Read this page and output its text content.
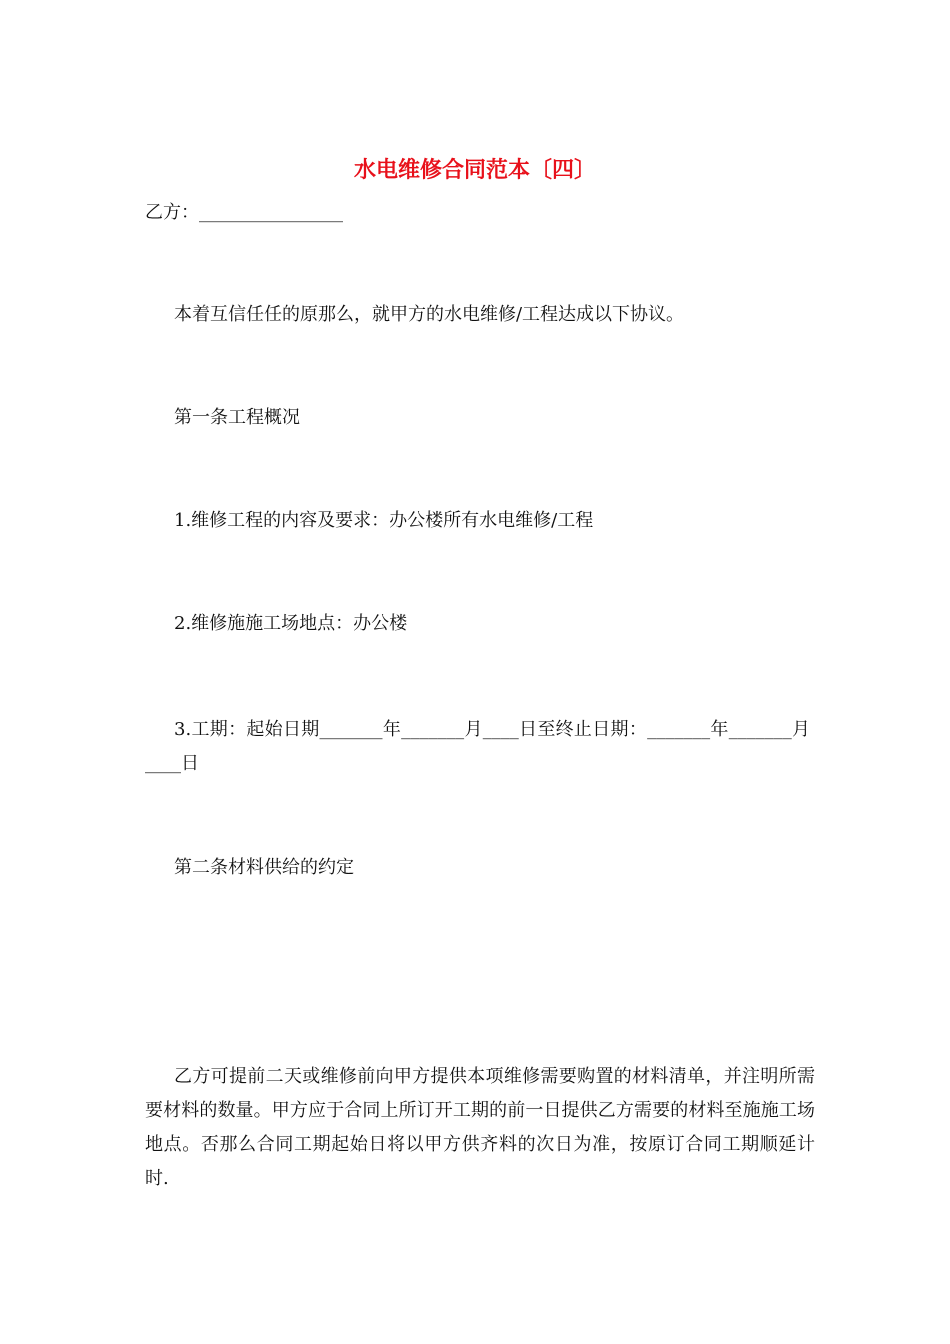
水电维修合同范本〔四〕
乙方：________________
本着互信任任的原那么，就甲方的水电维修/工程达成以下协议。
第一条工程概况
1.维修工程的内容及要求：办公楼所有水电维修/工程
2.维修施施工场地点：办公楼
3.工期：起始日期_______年_______月____日至终止日期：_______年_______月____日
第二条材料供给的约定
乙方可提前二天或维修前向甲方提供本项维修需要购置的材料清单，并注明所需要材料的数量。甲方应于合同上所订开工期的前一日提供乙方需要的材料至施施工场地点。否那么合同工期起始日将以甲方供齐料的次日为准，按原订合同工期顺延计时.
